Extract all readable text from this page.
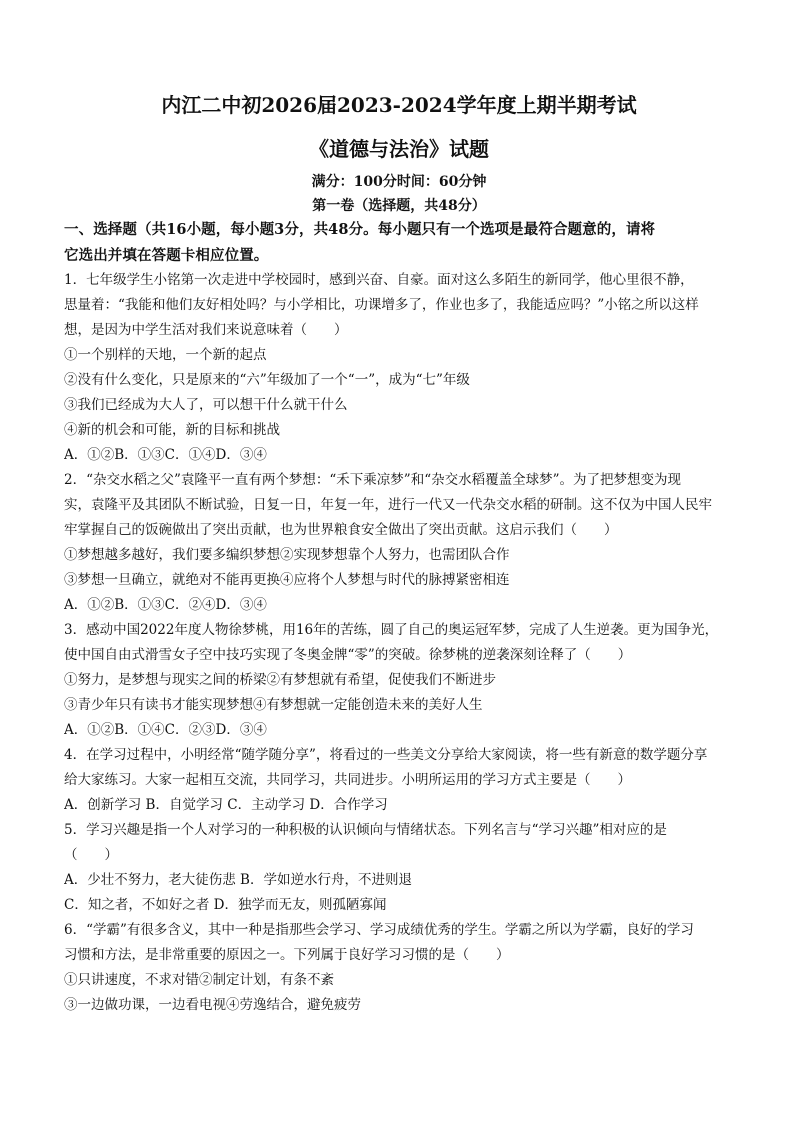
内江二中初2026届2023-2024学年度上期半期考试
《道德与法治》试题

满分：100分时间：60分钟

第一卷（选择题，共48分）

一、选择题（共16小题，每小题3分，共48分。每小题只有一个选项是最符合题意的，请将

它选出并填在答题卡相应位置。

1．七年级学生小铭第一次走进中学校园时，感到兴奋、自豪。面对这么多陌生的新同学，他心里很不静，

思量着：“我能和他们友好相处吗？与小学相比，功课增多了，作业也多了，我能适应吗？”小铭之所以这样

想，是因为中学生活对我们来说意味着（　　）

①一个别样的天地，一个新的起点

②没有什么变化，只是原来的“六”年级加了一个“一”，成为“七”年级

③我们已经成为大人了，可以想干什么就干什么

④新的机会和可能，新的目标和挑战

A．①②B．①③C．①④D．③④

2．“杂交水稻之父”袁隆平一直有两个梦想：“禾下乘凉梦”和“杂交水稻覆盖全球梦”。为了把梦想变为现

实，袁隆平及其团队不断试验，日复一日，年复一年，进行一代又一代杂交水稻的研制。这不仅为中国人民牢

牢掌握自己的饭碗做出了突出贡献，也为世界粮食安全做出了突出贡献。这启示我们（　　）

①梦想越多越好，我们要多编织梦想②实现梦想靠个人努力，也需团队合作

③梦想一旦确立，就绝对不能再更换④应将个人梦想与时代的脉搏紧密相连

A．①②B．①③C．②④D．③④

3．感动中国2022年度人物徐梦桃，用16年的苦练，圆了自己的奥运冠军梦，完成了人生逆袭。更为国争光，

使中国自由式滑雪女子空中技巧实现了冬奥金牌“零”的突破。徐梦桃的逆袭深刻诠释了（　　）

①努力，是梦想与现实之间的桥梁②有梦想就有希望，促使我们不断进步

③青少年只有读书才能实现梦想④有梦想就一定能创造未来的美好人生

A．①②B．①④C．②③D．③④

4．在学习过程中，小明经常“随学随分享”，将看过的一些美文分享给大家阅读，将一些有新意的数学题分享

给大家练习。大家一起相互交流，共同学习，共同进步。小明所运用的学习方式主要是（　　）

A．创新学习 B．自觉学习 C．主动学习 D．合作学习

5．学习兴趣是指一个人对学习的一种积极的认识倾向与情绪状态。下列名言与“学习兴趣”相对应的是

（　　）

A．少壮不努力，老大徒伤悲 B．学如逆水行舟，不进则退

C．知之者，不如好之者 D．独学而无友，则孤陋寡闻

6．“学霸”有很多含义，其中一种是指那些会学习、学习成绩优秀的学生。学霸之所以为学霸，良好的学习

习惯和方法，是非常重要的原因之一。下列属于良好学习习惯的是（　　）

①只讲速度，不求对错②制定计划，有条不紊

③一边做功课，一边看电视④劳逸结合，避免疲劳
